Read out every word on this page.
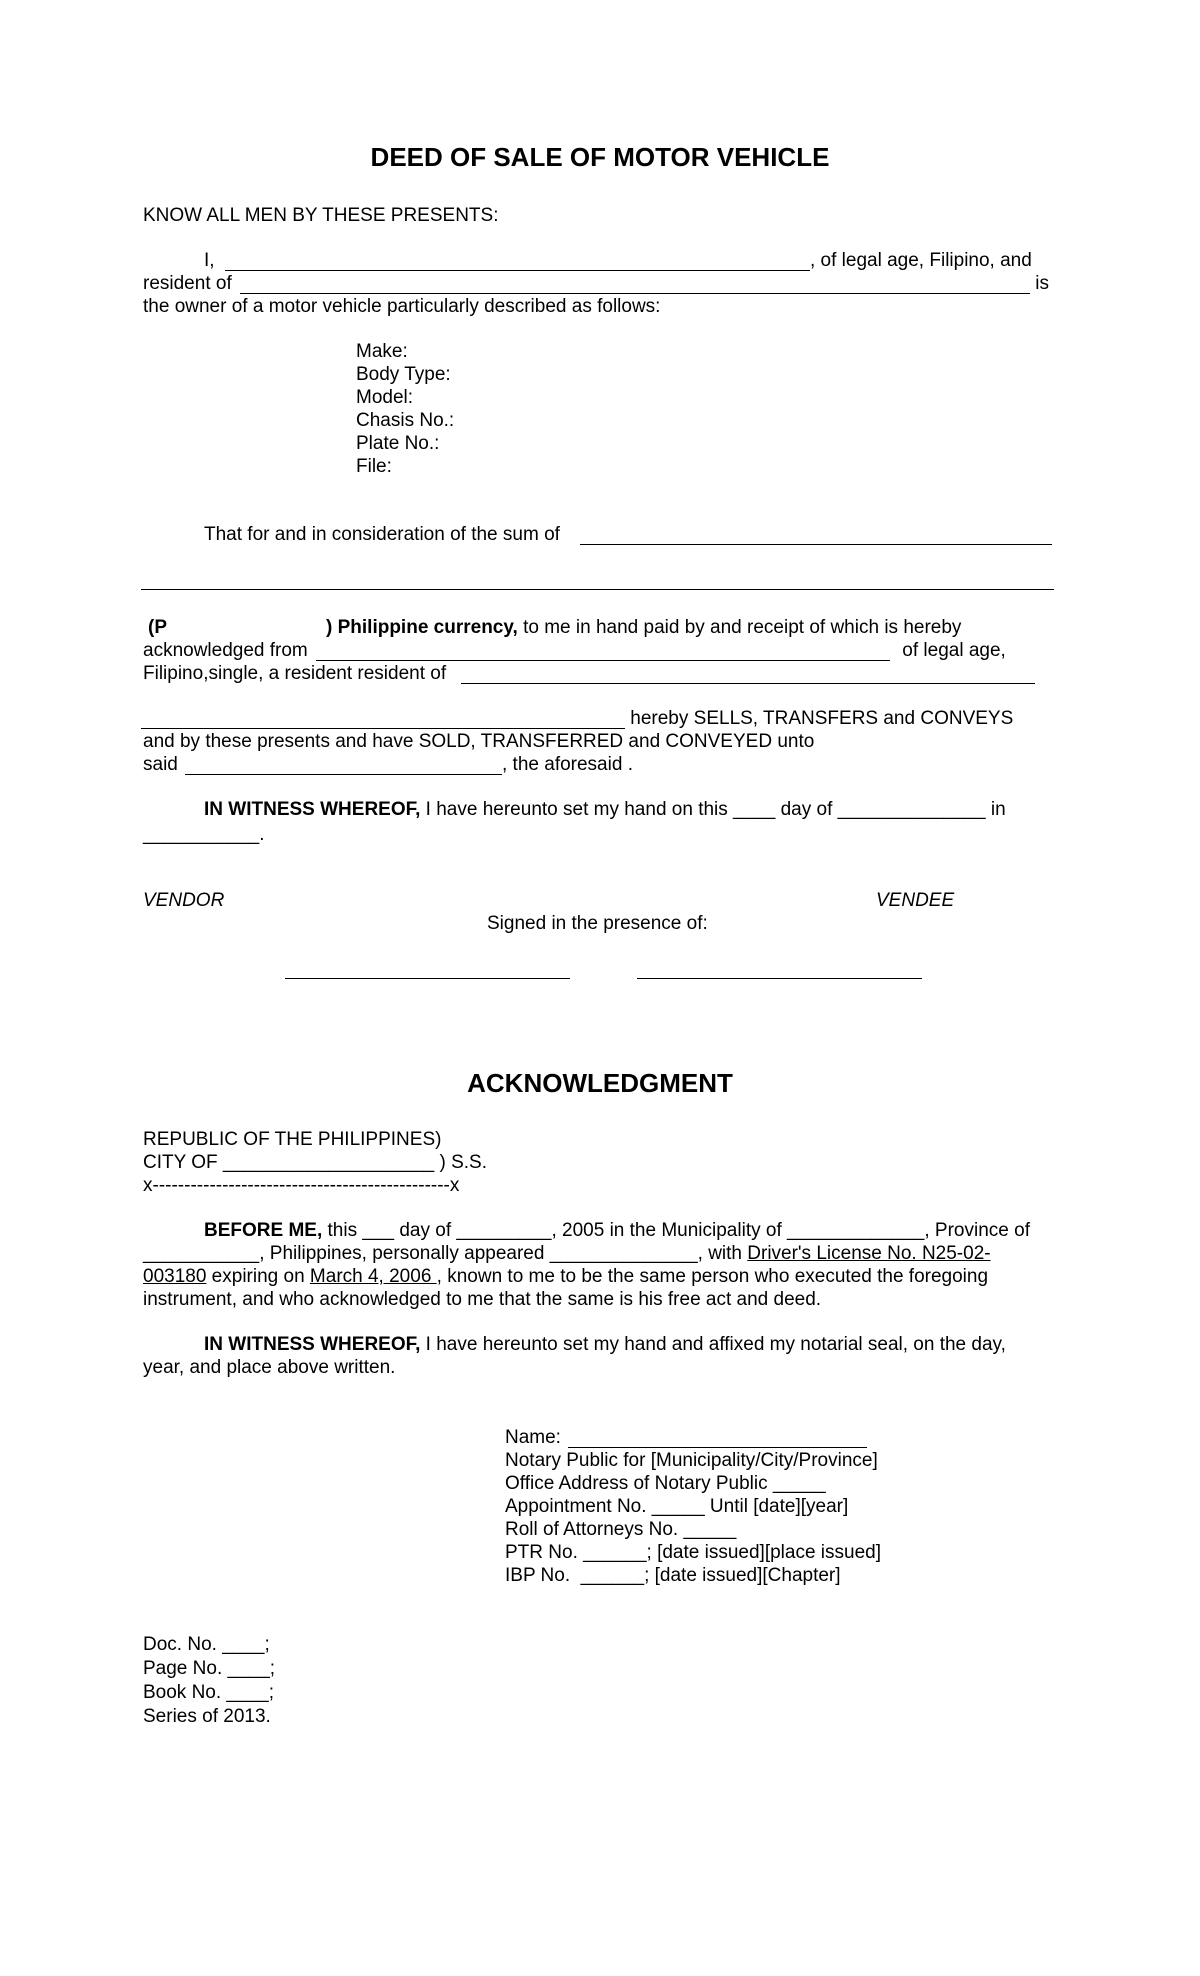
DEED OF SALE OF MOTOR VEHICLE
KNOW ALL MEN BY THESE PRESENTS:
I,	, of legal age, Filipino, and
resident of	is
the owner of a motor vehicle particularly described as follows:
Make:
Body Type:
Model:
Chasis No.:
Plate No.:
File:
That for and in consideration of the sum of
(P	) Philippine currency, to me in hand paid by and receipt of which is hereby
acknowledged from	of legal age,
Filipino,single, a resident resident of
hereby SELLS, TRANSFERS and CONVEYS
and by these presents and have SOLD, TRANSFERRED and CONVEYED unto
said	, the aforesaid .
IN WITNESS WHEREOF, I have hereunto set my hand on this ____ day of ______________ in
___________.
VENDOR	VENDEE
Signed in the presence of:
ACKNOWLEDGMENT
REPUBLIC OF THE PHILIPPINES)
CITY OF ____________________ ) S.S.
x-----------------------------------------------x
BEFORE ME, this ___ day of _________, 2005 in the Municipality of _____________, Province of
___________, Philippines, personally appeared ______________, with Driver's License No. N25-02-
003180 expiring on March 4, 2006 , known to me to be the same person who executed the foregoing
instrument, and who acknowledged to me that the same is his free act and deed.
IN WITNESS WHEREOF, I have hereunto set my hand and affixed my notarial seal, on the day,
year, and place above written.
Name:
Notary Public for [Municipality/City/Province]
Office Address of Notary Public _____
Appointment No. _____ Until [date][year]
Roll of Attorneys No. _____
PTR No. ______; [date issued][place issued]
IBP No.  ______; [date issued][Chapter]
Doc. No. ____;
Page No. ____;
Book No. ____;
Series of 2013.
